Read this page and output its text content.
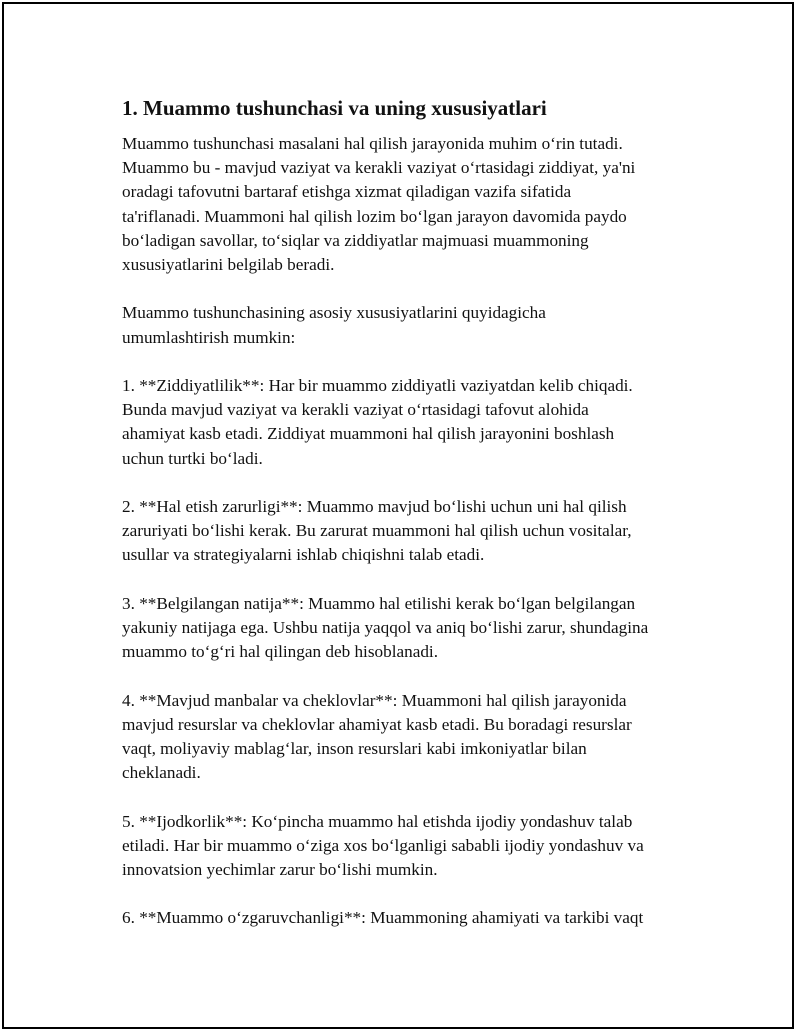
1. Muammo tushunchasi va uning xususiyatlari

Muammo tushunchasi masalani hal qilish jarayonida muhim o‘rin tutadi.
Muammo bu - mavjud vaziyat va kerakli vaziyat o‘rtasidagi ziddiyat, ya'ni
oradagi tafovutni bartaraf etishga xizmat qiladigan vazifa sifatida
ta'riflanadi. Muammoni hal qilish lozim bo‘lgan jarayon davomida paydo
bo‘ladigan savollar, to‘siqlar va ziddiyatlar majmuasi muammoning
xususiyatlarini belgilab beradi.

Muammo tushunchasining asosiy xususiyatlarini quyidagicha
umumlashtirish mumkin:

1. **Ziddiyatlilik**: Har bir muammo ziddiyatli vaziyatdan kelib chiqadi.
Bunda mavjud vaziyat va kerakli vaziyat o‘rtasidagi tafovut alohida
ahamiyat kasb etadi. Ziddiyat muammoni hal qilish jarayonini boshlash
uchun turtki bo‘ladi.

2. **Hal etish zarurligi**: Muammo mavjud bo‘lishi uchun uni hal qilish
zaruriyati bo‘lishi kerak. Bu zarurat muammoni hal qilish uchun vositalar,
usullar va strategiyalarni ishlab chiqishni talab etadi.

3. **Belgilangan natija**: Muammo hal etilishi kerak bo‘lgan belgilangan
yakuniy natijaga ega. Ushbu natija yaqqol va aniq bo‘lishi zarur, shundagina
muammo to‘g‘ri hal qilingan deb hisoblanadi.

4. **Mavjud manbalar va cheklovlar**: Muammoni hal qilish jarayonida
mavjud resurslar va cheklovlar ahamiyat kasb etadi. Bu boradagi resurslar
vaqt, moliyaviy mablag‘lar, inson resurslari kabi imkoniyatlar bilan
cheklanadi.

5. **Ijodkorlik**: Ko‘pincha muammo hal etishda ijodiy yondashuv talab
etiladi. Har bir muammo o‘ziga xos bo‘lganligi sababli ijodiy yondashuv va
innovatsion yechimlar zarur bo‘lishi mumkin.

6. **Muammo o‘zgaruvchanligi**: Muammoning ahamiyati va tarkibi vaqt
